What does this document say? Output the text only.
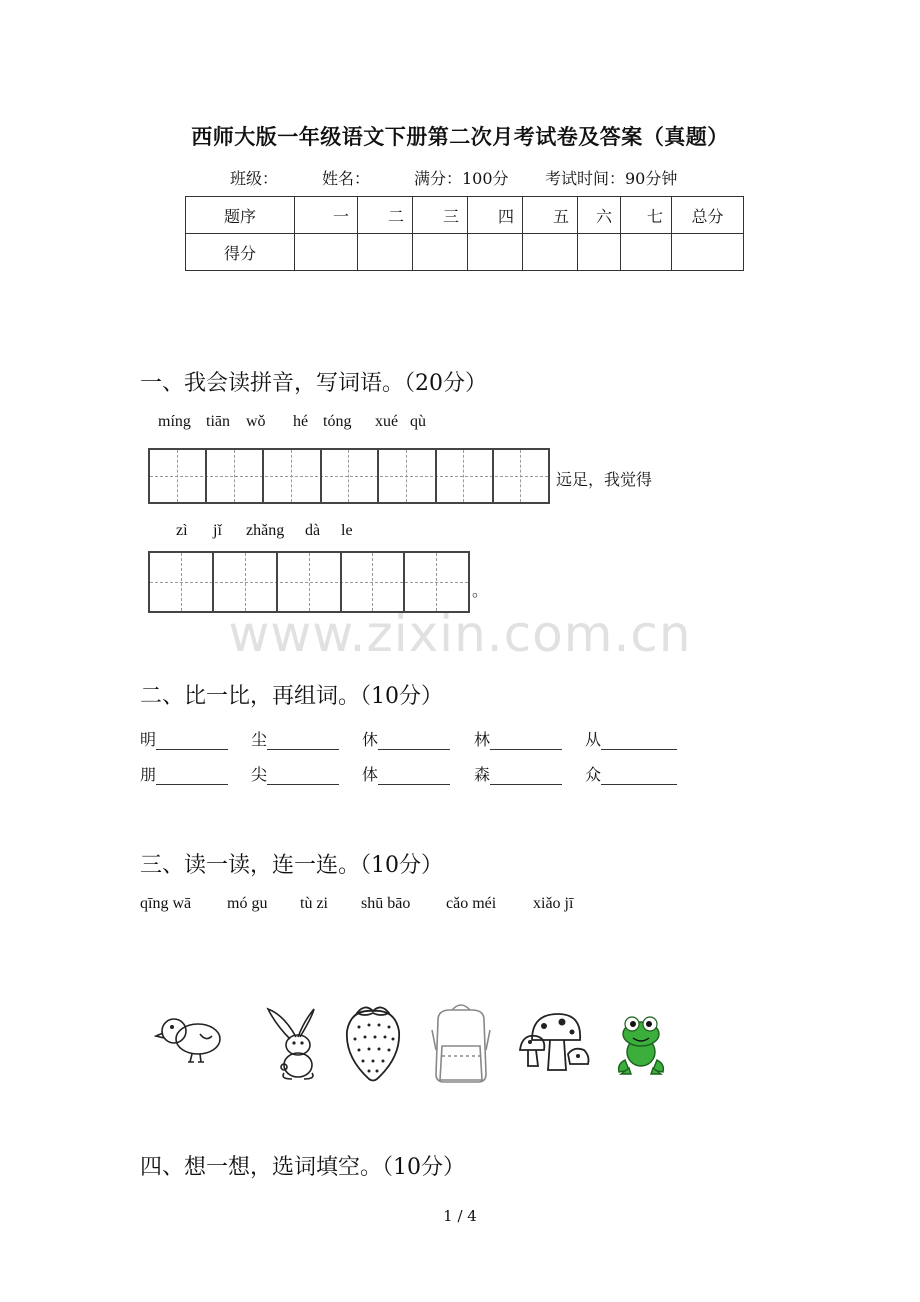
西师大版一年级语文下册第二次月考试卷及答案（真题）
班级：	姓名：	满分：100分 考试时间：90分钟
题序	一	二	三	四	五	六	七	总分
得分								
一、我会读拼音，写词语。（20分）
míng tiān wǒ hé tóng xué qù
远足，我觉得
zì jǐ zhǎng dà le
。
www.zixin.com.cn
二、比一比，再组词。（10分）
明	尘	休	林	从
朋	尖	体	森	众
三、读一读，连一连。（10分）
qīng wā mó gu tù zi shū bāo cǎo méi xiǎo jī
四、想一想，选词填空。（10分）
1 / 4
